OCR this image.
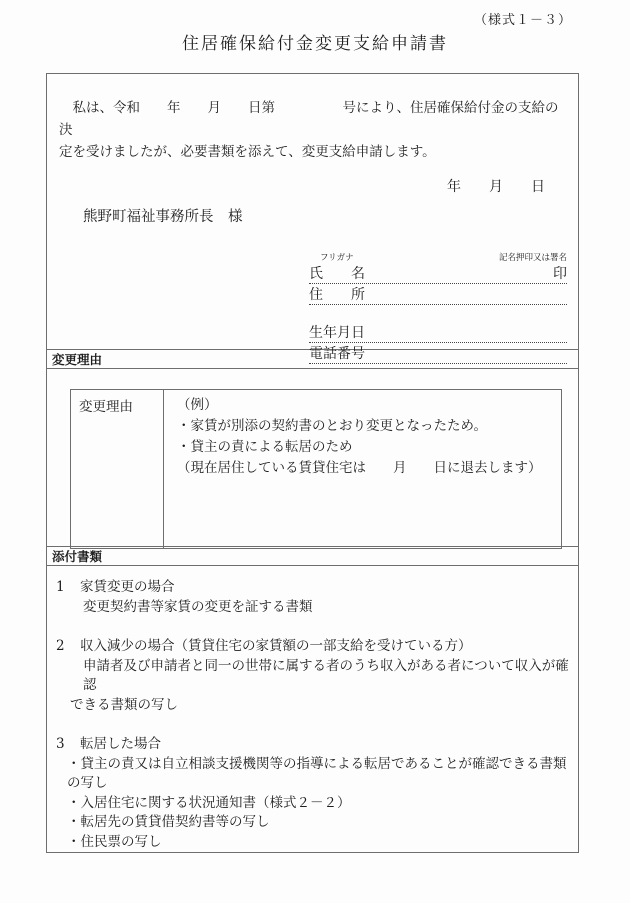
（様式１－３）
住居確保給付金変更支給申請書
私は、令和　　年　　月　　日第　　　　　号により、住居確保給付金の支給の決
定を受けましたが、必要書類を添えて、変更支給申請します。
年　　月　　日
熊野町福祉事務所長　様
フリガナ	記名押印又は署名
氏　　名	印
住　　所
生年月日
電話番号
変更理由
変更理由	（例）
・家賃が別添の契約書のとおり変更となったため。
・貸主の責による転居のため
（現在居住している賃貸住宅は　　月　　日に退去します）
添付書類
1 家賃変更の場合
変更契約書等家賃の変更を証する書類
2 収入減少の場合（賃貸住宅の家賃額の一部支給を受けている方）
申請者及び申請者と同一の世帯に属する者のうち収入がある者について収入が確認
できる書類の写し
3 転居した場合
・貸主の責又は自立相談支援機関等の指導による転居であることが確認できる書類の写し
・入居住宅に関する状況通知書（様式２－２）
・転居先の賃貸借契約書等の写し
・住民票の写し
